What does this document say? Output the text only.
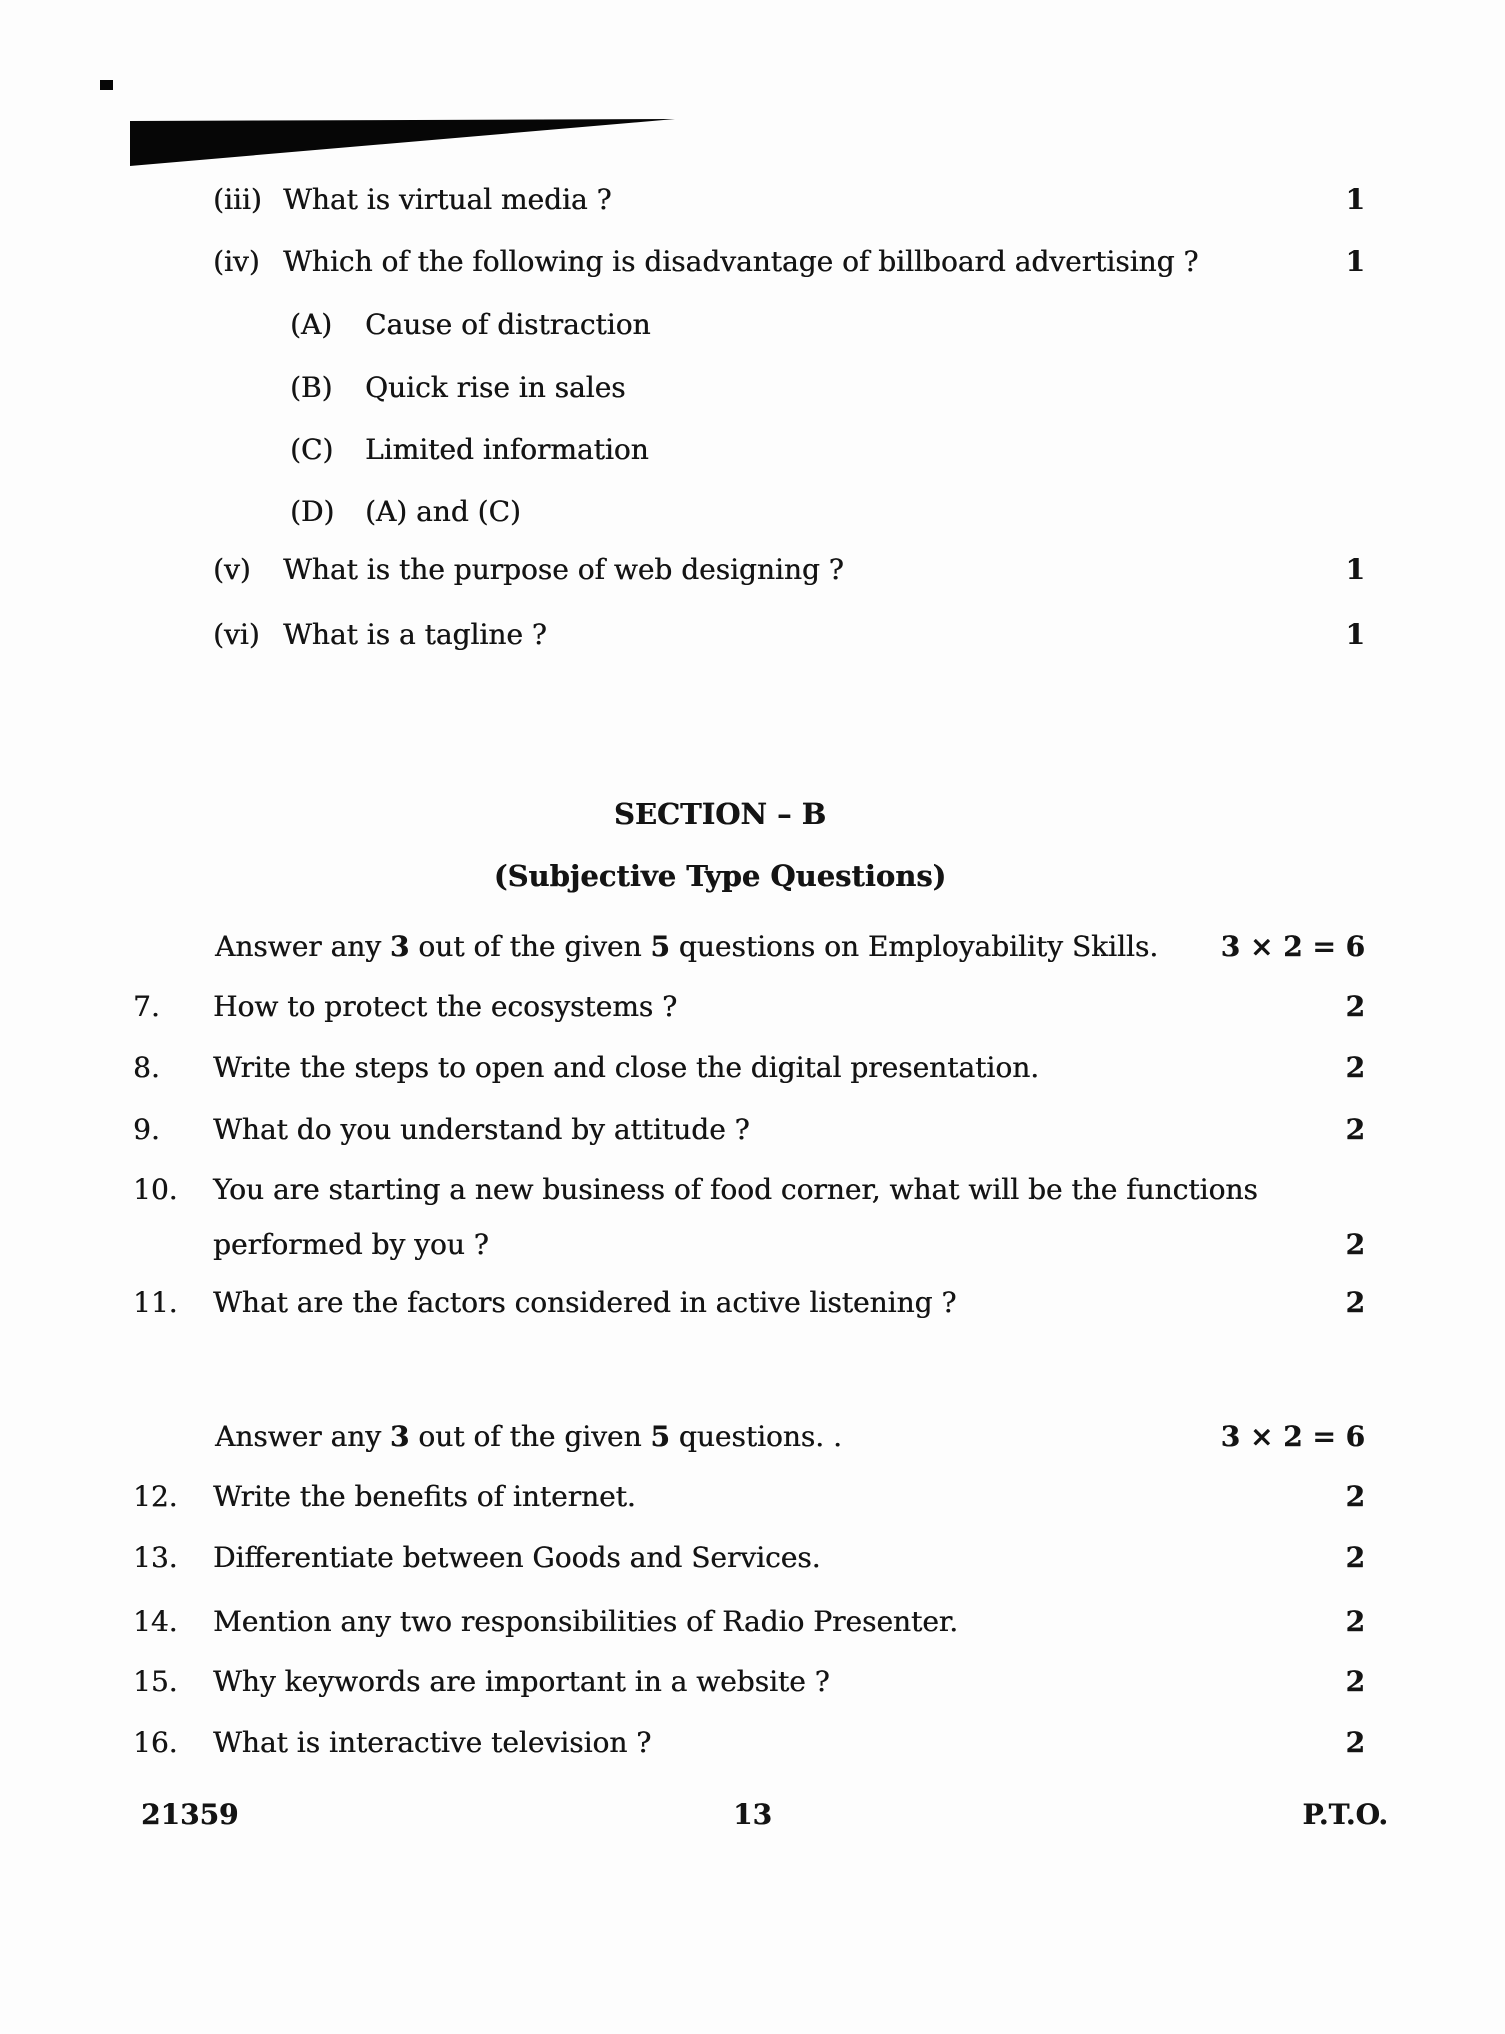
(iii) What is virtual media ?	1
(iv) Which of the following is disadvantage of billboard advertising ?	1
(A) Cause of distraction
(B) Quick rise in sales
(C) Limited information
(D) (A) and (C)
(v) What is the purpose of web designing ?	1
(vi) What is a tagline ?	1
SECTION – B
(Subjective Type Questions)
Answer any 3 out of the given 5 questions on Employability Skills. 3 × 2 = 6
7. How to protect the ecosystems ?	2
8. Write the steps to open and close the digital presentation.	2
9. What do you understand by attitude ?	2
10. You are starting a new business of food corner, what will be the functions
performed by you ?	2
11. What are the factors considered in active listening ?	2
Answer any 3 out of the given 5 questions. .	3 × 2 = 6
12. Write the benefits of internet.	2
13. Differentiate between Goods and Services.	2
14. Mention any two responsibilities of Radio Presenter.	2
15. Why keywords are important in a website ?	2
16. What is interactive television ?	2
13
21359	P.T.O.
